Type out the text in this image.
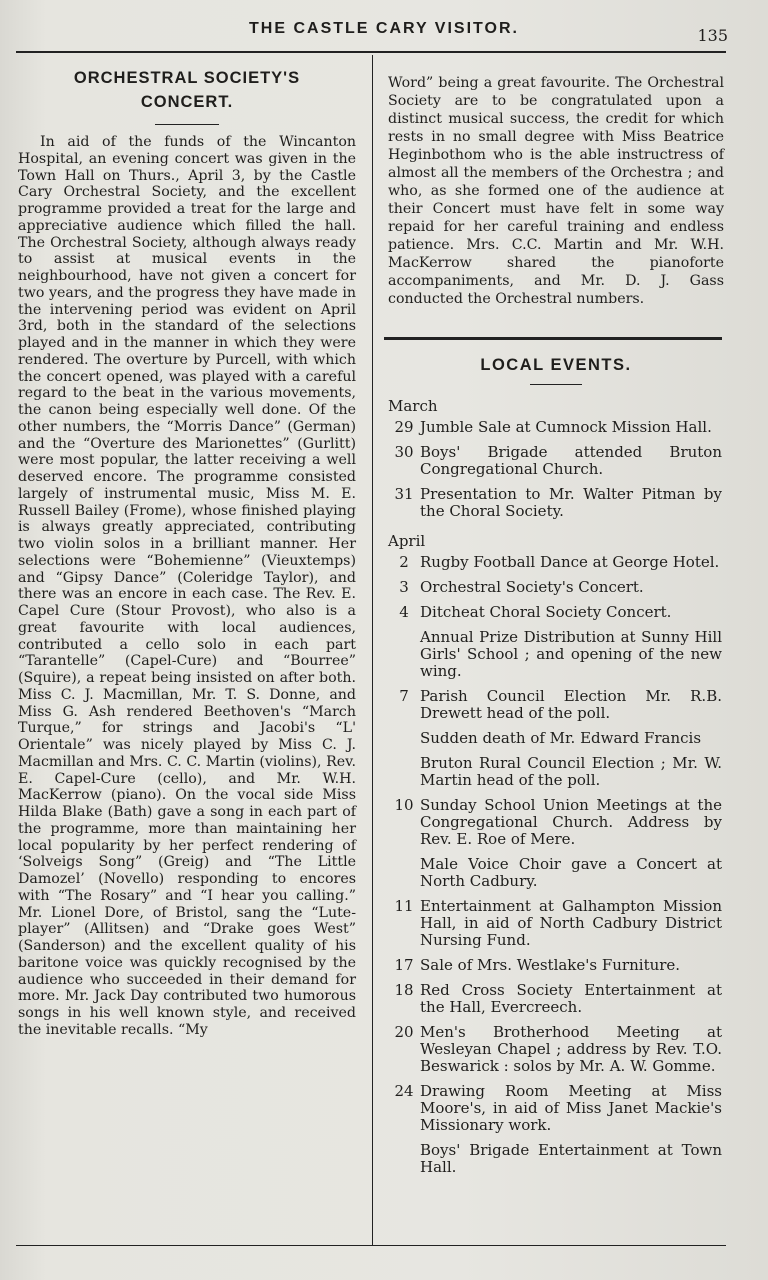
THE CASTLE CARY VISITOR.	135
ORCHESTRAL SOCIETY'S
CONCERT.

In aid of the funds of the Wincanton Hospital, an evening concert was given in the Town Hall on Thurs., April 3, by the Castle Cary Orchestral Society, and the excellent programme provided a treat for the large and appreciative audience which filled the hall. The Orchestral Society, although always ready to assist at musical events in the neighbourhood, have not given a concert for two years, and the progress they have made in the intervening period was evident on April 3rd, both in the standard of the selections played and in the manner in which they were rendered. The overture by Purcell, with which the concert opened, was played with a careful regard to the beat in the various movements, the canon being especially well done. Of the other numbers, the “Morris Dance” (German) and the “Overture des Marionettes” (Gurlitt) were most popular, the latter receiving a well deserved encore. The programme consisted largely of instrumental music, Miss M. E. Russell Bailey (Frome), whose finished playing is always greatly appreciated, contributing two violin solos in a brilliant manner. Her selections were “Bohemienne” (Vieuxtemps) and “Gipsy Dance” (Coleridge Taylor), and there was an encore in each case. The Rev. E. Capel Cure (Stour Provost), who also is a great favourite with local audiences, contributed a cello solo in each part “Tarantelle” (Capel-Cure) and “Bourree” (Squire), a repeat being insisted on after both. Miss C. J. Macmillan, Mr. T. S. Donne, and Miss G. Ash rendered Beethoven's “March Turque,” for strings and Jacobi's “L' Orientale” was nicely played by Miss C. J. Macmillan and Mrs. C. C. Martin (violins), Rev. E. Capel-Cure (cello), and Mr. W.H. MacKerrow (piano). On the vocal side Miss Hilda Blake (Bath) gave a song in each part of the programme, more than maintaining her local popularity by her perfect rendering of ‘Solveigs Song” (Greig) and “The Little Damozel’ (Novello) responding to encores with “The Rosary” and “I hear you calling.” Mr. Lionel Dore, of Bristol, sang the “Lute-player” (Allitsen) and “Drake goes West” (Sanderson) and the excellent quality of his baritone voice was quickly recognised by the audience who succeeded in their demand for more. Mr. Jack Day contributed two humorous songs in his well known style, and received the inevitable recalls. “My

Word” being a great favourite. The Orchestral Society are to be congratulated upon a distinct musical success, the credit for which rests in no small degree with Miss Beatrice Heginbothom who is the able instructress of almost all the members of the Orchestra ; and who, as she formed one of the audience at their Concert must have felt in some way repaid for her careful training and endless patience. Mrs. C.C. Martin and Mr. W.H. MacKerrow shared the pianoforte accompaniments, and Mr. D. J. Gass conducted the Orchestral numbers.

LOCAL EVENTS.
March
29 Jumble Sale at Cumnock Mission Hall.
30 Boys' Brigade attended Bruton Congregational Church.
31 Presentation to Mr. Walter Pitman by the Choral Society.
April
2 Rugby Football Dance at George Hotel.
3 Orchestral Society's Concert.
4 Ditcheat Choral Society Concert.
Annual Prize Distribution at Sunny Hill Girls' School ; and opening of the new wing.
7 Parish Council Election Mr. R.B. Drewett head of the poll.
Sudden death of Mr. Edward Francis
Bruton Rural Council Election ; Mr. W. Martin head of the poll.
10 Sunday School Union Meetings at the Congregational Church. Address by Rev. E. Roe of Mere.
Male Voice Choir gave a Concert at North Cadbury.
11 Entertainment at Galhampton Mission Hall, in aid of North Cadbury District Nursing Fund.
17 Sale of Mrs. Westlake's Furniture.
18 Red Cross Society Entertainment at the Hall, Evercreech.
20 Men's Brotherhood Meeting at Wesleyan Chapel ; address by Rev. T.O. Beswarick : solos by Mr. A. W. Gomme.
24 Drawing Room Meeting at Miss Moore's, in aid of Miss Janet Mackie's Missionary work.
Boys' Brigade Entertainment at Town Hall.
